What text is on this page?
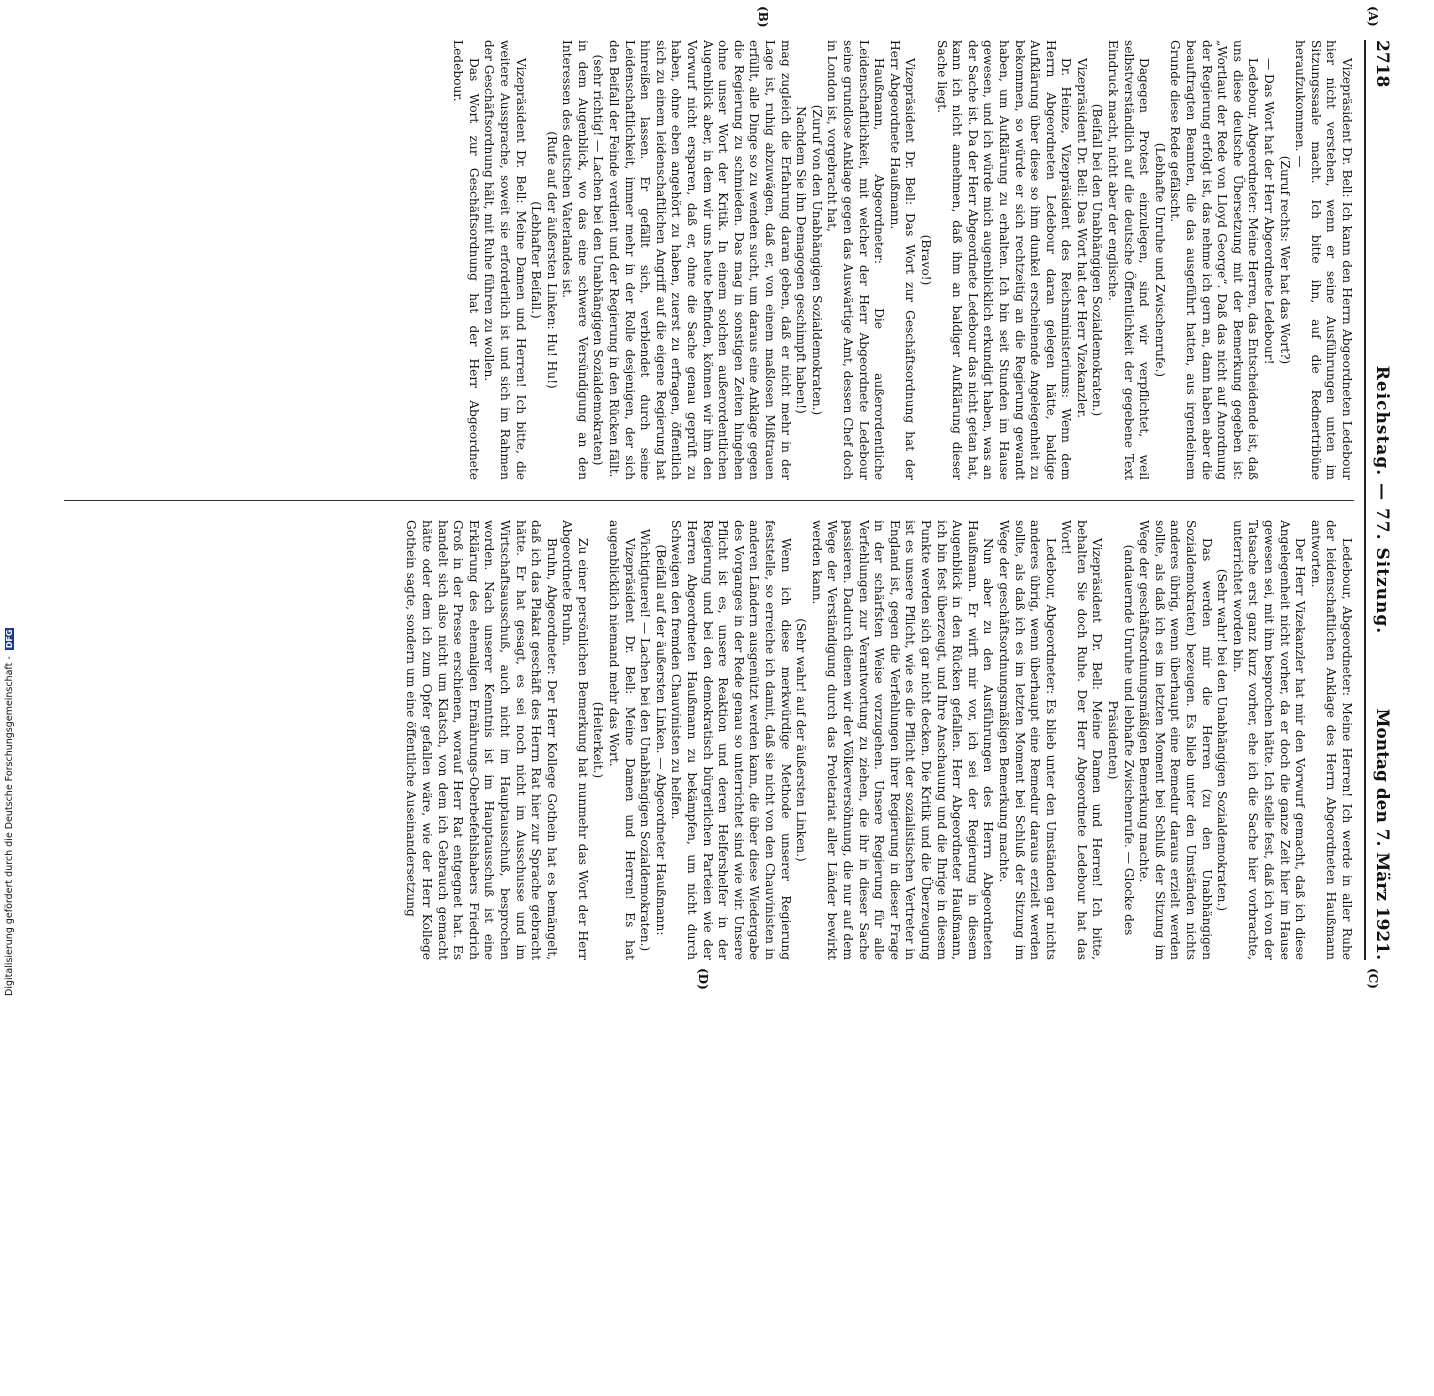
2718
Reichstag. — 77. Sitzung.
Montag den 7. März 1921.
(A)
(B)
(C)
(D)

Vizepräsident Dr. Bell: Ich kann den Herrn Abgeordneten Ledebour hier nicht verstehen, wenn er seine Ausführungen unten im Sitzungssaale macht. Ich bitte ihn, auf die Rednertribüne heraufzukommen. —

(Zuruf rechts: Wer hat das Wort?)

— Das Wort hat der Herr Abgeordnete Ledebour!

Ledebour, Abgeordneter: Meine Herren, das Entscheidende ist, daß uns diese deutsche Übersetzung mit der Bemerkung gegeben ist: „Wortlaut der Rede von Lloyd George“. Daß das nicht auf Anordnung der Regierung erfolgt ist, das nehme ich gern an, dann haben aber die beauftragten Beamten, die das ausgeführt hatten, aus irgendeinem Grunde diese Rede gefälscht.

(Lebhafte Unruhe und Zwischenrufe.)

Dagegen Protest einzulegen, sind wir verpflichtet, weil selbstverständlich auf die deutsche Öffentlichkeit der gegebene Text Eindruck macht, nicht aber der englische.

(Beifall bei den Unabhängigen Sozialdemokraten.)

Vizepräsident Dr. Bell: Das Wort hat der Herr Vizekanzler.

Dr. Heinze, Vizepräsident des Reichsministeriums: Wenn dem Herrn Abgeordneten Ledebour daran gelegen hätte, baldige Aufklärung über diese so ihm dunkel erscheinende Angelegenheit zu bekommen, so würde er sich rechtzeitig an die Regierung gewandt haben, um Aufklärung zu erhalten. Ich bin seit Stunden im Hause gewesen, und ich würde mich augenblicklich erkundigt haben, was an der Sache ist. Da der Herr Abgeordnete Ledebour das nicht getan hat, kann ich nicht annehmen, daß ihm an baldiger Aufklärung dieser Sache liegt.

(Bravo!)

Vizepräsident Dr. Bell: Das Wort zur Geschäftsordnung hat der Herr Abgeordnete Haußmann.

Haußmann, Abgeordneter: Die außerordentliche Leidenschaftlichkeit, mit welcher der Herr Abgeordnete Ledebour seine grundlose Anklage gegen das Auswärtige Amt, dessen Chef doch in London ist, vorgebracht hat,

(Zuruf von den Unabhängigen Sozialdemokraten.)

Nachdem Sie ihn Demagogen geschimpft haben!)

mag zugleich die Erfahrung daran geben, daß er nicht mehr in der Lage ist, ruhig abzuwägen, daß er, von einem maßlosen Mißtrauen erfüllt, alle Dinge so zu wenden sucht, um daraus eine Anklage gegen die Regierung zu schmieden. Das mag in sonstigen Zeiten hingehen ohne unser Wort der Kritik. In einem solchen außerordentlichen Augenblick aber, in dem wir uns heute befinden, können wir ihm den Vorwurf nicht ersparen, daß er, ohne die Sache genau geprüft zu haben, ohne eben angehört zu haben, zuerst zu erfragen, öffentlich sich zu einem leidenschaftlichen Angriff auf die eigene Regierung hat hinreißen lassen. Er gefällt sich, verblendet durch seine Leidenschaftlichkeit, immer mehr in der Rolle desjenigen, der sich den Beifall der Feinde verdient und der Regierung in den Rücken fällt.

(sehr richtig! — Lachen bei den Unabhängigen Sozialdemokraten)

in dem Augenblick, wo das eine schwere Versündigung an den Interessen des deutschen Vaterlandes ist.

(Rufe auf der äußersten Linken: Hu! Hu!)

(Lebhafter Beifall.)

Vizepräsident Dr. Bell: Meine Damen und Herren! Ich bitte, die weitere Aussprache, soweit sie erforderlich ist und sich im Rahmen der Geschäftsordnung hält, mit Ruhe führen zu wollen.

Das Wort zur Geschäftsordnung hat der Herr Abgeordnete Ledebour.

Ledebour, Abgeordneter: Meine Herren! Ich werde in aller Ruhe der leidenschaftlichen Anklage des Herrn Abgeordneten Haußmann antworten.

Der Herr Vizekanzler hat mir den Vorwurf gemacht, daß ich diese Angelegenheit nicht vorher, da er doch die ganze Zeit hier im Hause gewesen sei, mit ihm besprochen hätte. Ich stelle fest, daß ich von der Tatsache erst ganz kurz vorher, ehe ich die Sache hier vorbrachte, unterrichtet worden bin.

(Sehr wahr! bei den Unabhängigen Sozialdemokraten.)

Das werden mir die Herren (zu den Unabhängigen Sozialdemokraten) bezeugen. Es blieb unter den Umständen nichts anderes übrig, wenn überhaupt eine Remedur daraus erzielt werden sollte, als daß ich es im letzten Moment bei Schluß der Sitzung im Wege der geschäftsordnungsmäßigen Bemerkung machte.

(andauernde Unruhe und lebhafte Zwischenrufe. — Glocke des Präsidenten)

Vizepräsident Dr. Bell: Meine Damen und Herren! Ich bitte, behalten Sie doch Ruhe. Der Herr Abgeordnete Ledebour hat das Wort!

Ledebour, Abgeordneter: Es blieb unter den Umständen gar nichts anderes übrig, wenn überhaupt eine Remedur daraus erzielt werden sollte, als daß ich es im letzten Moment bei Schluß der Sitzung im Wege der geschäftsordnungsmäßigen Bemerkung machte.

Nun aber zu den Ausführungen des Herrn Abgeordneten Haußmann. Er wirft mir vor, ich sei der Regierung in diesem Augenblick in den Rücken gefallen. Herr Abgeordneter Haußmann, ich bin fest überzeugt, und Ihre Anschauung und die Ihrige in diesem Punkte werden sich gar nicht decken. Die Kritik und die Überzeugung ist es unsere Pflicht, wie es die Pflicht der sozialistischen Vertreter in England ist, gegen die Verfehlungen ihrer Regierung in dieser Frage in der schärfsten Weise vorzugehen. Unsere Regierung für alle Verfehlungen zur Verantwortung zu ziehen, die ihr in dieser Sache passieren. Dadurch dienen wir der Völkerversöhnung, die nur auf dem Wege der Verständigung durch das Proletariat aller Länder bewirkt werden kann.

(Sehr wahr! auf der äußersten Linken.)

Wenn ich diese merkwürdige Methode unserer Regierung feststelle, so erreiche ich damit, daß sie nicht von den Chauvinisten in anderen Ländern ausgenützt werden kann, die über diese Wiedergabe des Vorganges in der Rede genau so unterrichtet sind wie wir. Unsere Pflicht ist es, unsere Reaktion und deren Helfershelfer in der Regierung und bei den demokratisch bürgerlichen Parteien wie der Herren Abgeordneten Haußmann zu bekämpfen, um nicht durch Schweigen den fremden Chauvinisten zu helfen.

(Beifall auf der äußersten Linken. — Abgeordneter Haußmann: Wichtigtuerei! — Lachen bei den Unabhängigen Sozialdemokraten.)

Vizepräsident Dr. Bell: Meine Damen und Herren! Es hat augenblicklich niemand mehr das Wort.

(Heiterkeit.)

Zu einer persönlichen Bemerkung hat nunmehr das Wort der Herr Abgeordnete Bruhn.

Bruhn, Abgeordneter: Der Herr Kollege Gothein hat es bemängelt, daß ich das Plakat geschäft des Herrn Rat hier zur Sprache gebracht hätte. Er hat gesagt, es sei noch nicht im Ausschusse und im Wirtschaftsausschuß, auch nicht im Hauptausschuß, besprochen worden. Nach unserer Kenntnis ist im Hauptausschuß ist eine Erklärung des ehemaligen Ernährungs-Oberbefehlshabers Friedrich Groß in der Presse erschienen, worauf Herr Rat entgegnet hat. Es handelt sich also nicht um Klatsch, von dem ich Gebrauch gemacht hätte oder dem ich zum Opfer gefallen wäre, wie der Herr Kollege Gothein sagte, sondern um eine öffentliche Auseinandersetzung

Digitalisierung gefördert durch die Deutsche Forschungsgemeinschaft - DFG
